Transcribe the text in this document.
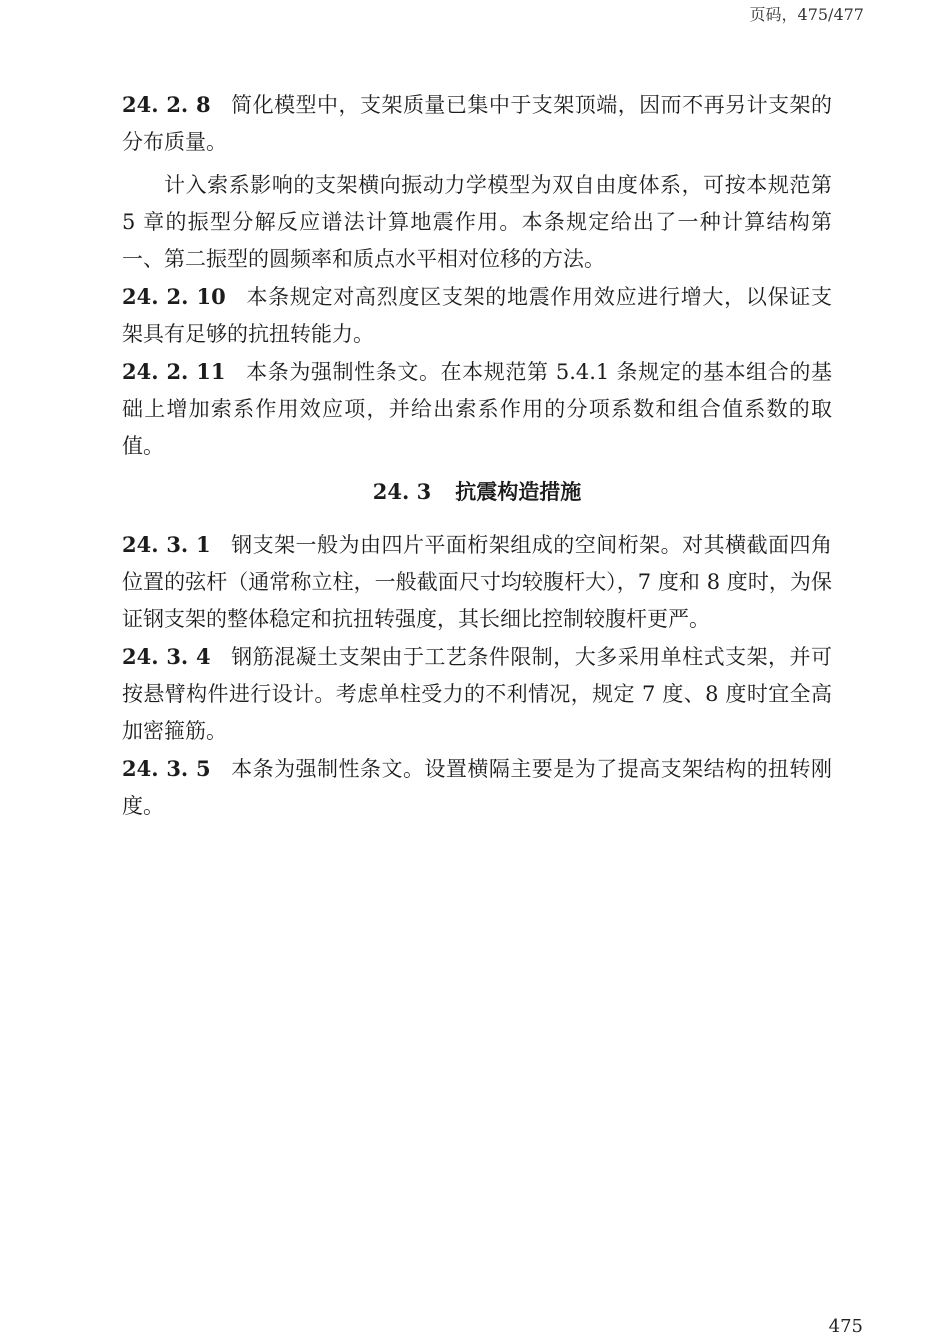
页码，475/477

24. 2. 8 简化模型中，支架质量已集中于支架顶端，因而不再另计支架的分布质量。

计入索系影响的支架横向振动力学模型为双自由度体系，可按本规范第 5 章的振型分解反应谱法计算地震作用。本条规定给出了一种计算结构第一、第二振型的圆频率和质点水平相对位移的方法。

24. 2. 10 本条规定对高烈度区支架的地震作用效应进行增大，以保证支架具有足够的抗扭转能力。

24. 2. 11 本条为强制性条文。在本规范第 5.4.1 条规定的基本组合的基础上增加索系作用效应项，并给出索系作用的分项系数和组合值系数的取值。

24. 3 抗震构造措施

24. 3. 1 钢支架一般为由四片平面桁架组成的空间桁架。对其横截面四角位置的弦杆（通常称立柱，一般截面尺寸均较腹杆大），7 度和 8 度时，为保证钢支架的整体稳定和抗扭转强度，其长细比控制较腹杆更严。

24. 3. 4 钢筋混凝土支架由于工艺条件限制，大多采用单柱式支架，并可按悬臂构件进行设计。考虑单柱受力的不利情况，规定 7 度、8 度时宜全高加密箍筋。

24. 3. 5 本条为强制性条文。设置横隔主要是为了提高支架结构的扭转刚度。

475
